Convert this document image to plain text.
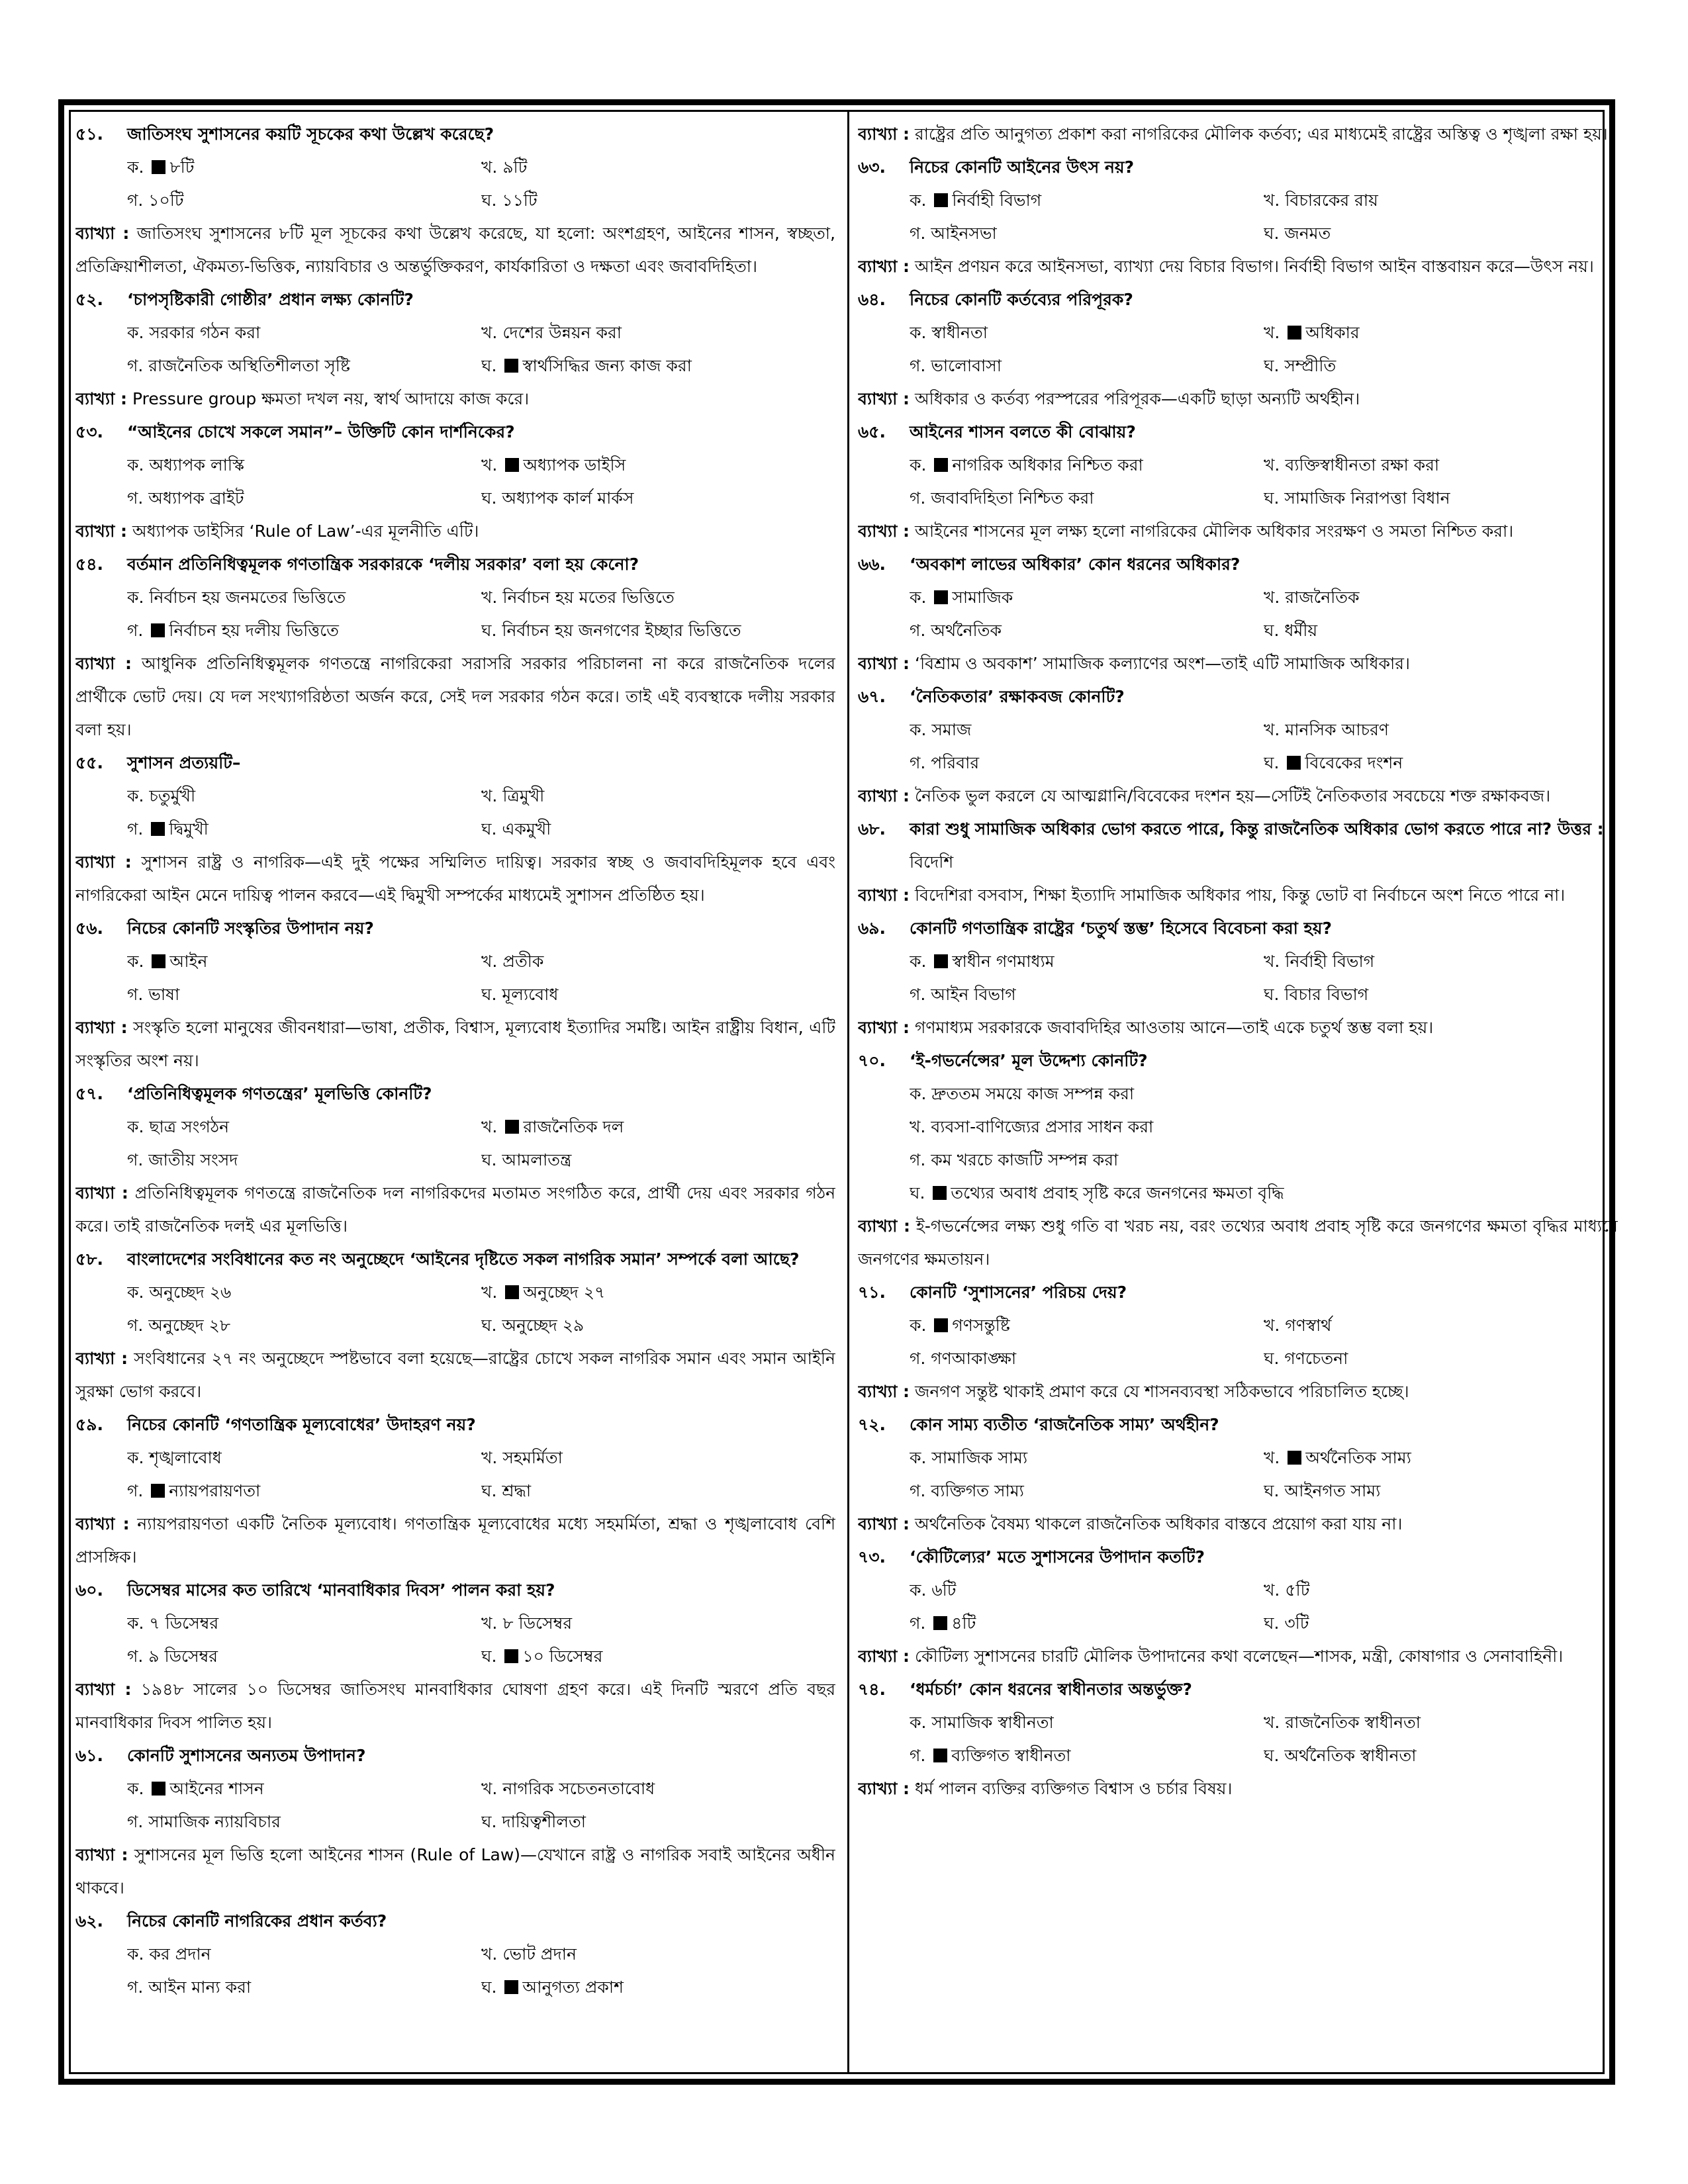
৫১.	জাতিসংঘ সুশাসনের কয়টি সূচকের কথা উল্লেখ করেছে?
ক. ৮টি	খ. ৯টি
গ. ১০টি	ঘ. ১১টি
ব্যাখ্যা : জাতিসংঘ সুশাসনের ৮টি মূল সূচকের কথা উল্লেখ করেছে, যা হলো: অংশগ্রহণ, আইনের শাসন, স্বচ্ছতা, প্রতিক্রিয়াশীলতা, ঐকমত্য-ভিত্তিক, ন্যায়বিচার ও অন্তর্ভুক্তিকরণ, কার্যকারিতা ও দক্ষতা এবং জবাবদিহিতা।
৫২.	‘চাপসৃষ্টিকারী গোষ্ঠীর’ প্রধান লক্ষ্য কোনটি?
ক. সরকার গঠন করা	খ. দেশের উন্নয়ন করা
গ. রাজনৈতিক অস্থিতিশীলতা সৃষ্টি	ঘ. স্বার্থসিদ্ধির জন্য কাজ করা
ব্যাখ্যা : Pressure group ক্ষমতা দখল নয়, স্বার্থ আদায়ে কাজ করে।
৫৩.	“আইনের চোখে সকলে সমান”– উক্তিটি কোন দার্শনিকের?
ক. অধ্যাপক লাস্কি	খ. অধ্যাপক ডাইসি
গ. অধ্যাপক ব্রাইট	ঘ. অধ্যাপক কার্ল মার্কস
ব্যাখ্যা : অধ্যাপক ডাইসির ‘Rule of Law’-এর মূলনীতি এটি।
৫৪.	বর্তমান প্রতিনিধিত্বমূলক গণতান্ত্রিক সরকারকে ‘দলীয় সরকার’ বলা হয় কেনো?
ক. নির্বাচন হয় জনমতের ভিত্তিতে	খ. নির্বাচন হয় মতের ভিত্তিতে
গ. নির্বাচন হয় দলীয় ভিত্তিতে	ঘ. নির্বাচন হয় জনগণের ইচ্ছার ভিত্তিতে
ব্যাখ্যা : আধুনিক প্রতিনিধিত্বমূলক গণতন্ত্রে নাগরিকেরা সরাসরি সরকার পরিচালনা না করে রাজনৈতিক দলের প্রার্থীকে ভোট দেয়। যে দল সংখ্যাগরিষ্ঠতা অর্জন করে, সেই দল সরকার গঠন করে। তাই এই ব্যবস্থাকে দলীয় সরকার বলা হয়।
৫৫.	সুশাসন প্রত্যয়টি–
ক. চতুর্মুখী	খ. ত্রিমুখী
গ. দ্বিমুখী	ঘ. একমুখী
ব্যাখ্যা : সুশাসন রাষ্ট্র ও নাগরিক—এই দুই পক্ষের সম্মিলিত দায়িত্ব। সরকার স্বচ্ছ ও জবাবদিহিমূলক হবে এবং নাগরিকেরা আইন মেনে দায়িত্ব পালন করবে—এই দ্বিমুখী সম্পর্কের মাধ্যমেই সুশাসন প্রতিষ্ঠিত হয়।
৫৬.	নিচের কোনটি সংস্কৃতির উপাদান নয়?
ক. আইন	খ. প্রতীক
গ. ভাষা	ঘ. মূল্যবোধ
ব্যাখ্যা : সংস্কৃতি হলো মানুষের জীবনধারা—ভাষা, প্রতীক, বিশ্বাস, মূল্যবোধ ইত্যাদির সমষ্টি। আইন রাষ্ট্রীয় বিধান, এটি সংস্কৃতির অংশ নয়।
৫৭.	‘প্রতিনিধিত্বমূলক গণতন্ত্রের’ মূলভিত্তি কোনটি?
ক. ছাত্র সংগঠন	খ. রাজনৈতিক দল
গ. জাতীয় সংসদ	ঘ. আমলাতন্ত্র
ব্যাখ্যা : প্রতিনিধিত্বমূলক গণতন্ত্রে রাজনৈতিক দল নাগরিকদের মতামত সংগঠিত করে, প্রার্থী দেয় এবং সরকার গঠন করে। তাই রাজনৈতিক দলই এর মূলভিত্তি।
৫৮.	বাংলাদেশের সংবিধানের কত নং অনুচ্ছেদে ‘আইনের দৃষ্টিতে সকল নাগরিক সমান’ সম্পর্কে বলা আছে?
ক. অনুচ্ছেদ ২৬	খ. অনুচ্ছেদ ২৭
গ. অনুচ্ছেদ ২৮	ঘ. অনুচ্ছেদ ২৯
ব্যাখ্যা : সংবিধানের ২৭ নং অনুচ্ছেদে স্পষ্টভাবে বলা হয়েছে—রাষ্ট্রের চোখে সকল নাগরিক সমান এবং সমান আইনি সুরক্ষা ভোগ করবে।
৫৯.	নিচের কোনটি ‘গণতান্ত্রিক মূল্যবোধের’ উদাহরণ নয়?
ক. শৃঙ্খলাবোধ	খ. সহমর্মিতা
গ. ন্যায়পরায়ণতা	ঘ. শ্রদ্ধা
ব্যাখ্যা : ন্যায়পরায়ণতা একটি নৈতিক মূল্যবোধ। গণতান্ত্রিক মূল্যবোধের মধ্যে সহমর্মিতা, শ্রদ্ধা ও শৃঙ্খলাবোধ বেশি প্রাসঙ্গিক।
৬০.	ডিসেম্বর মাসের কত তারিখে ‘মানবাধিকার দিবস’ পালন করা হয়?
ক. ৭ ডিসেম্বর	খ. ৮ ডিসেম্বর
গ. ৯ ডিসেম্বর	ঘ. ১০ ডিসেম্বর
ব্যাখ্যা : ১৯৪৮ সালের ১০ ডিসেম্বর জাতিসংঘ মানবাধিকার ঘোষণা গ্রহণ করে। এই দিনটি স্মরণে প্রতি বছর মানবাধিকার দিবস পালিত হয়।
৬১.	কোনটি সুশাসনের অন্যতম উপাদান?
ক. আইনের শাসন	খ. নাগরিক সচেতনতাবোধ
গ. সামাজিক ন্যায়বিচার	ঘ. দায়িত্বশীলতা
ব্যাখ্যা : সুশাসনের মূল ভিত্তি হলো আইনের শাসন (Rule of Law)—যেখানে রাষ্ট্র ও নাগরিক সবাই আইনের অধীন থাকবে।
৬২.	নিচের কোনটি নাগরিকের প্রধান কর্তব্য?
ক. কর প্রদান	খ. ভোট প্রদান
গ. আইন মান্য করা	ঘ. আনুগত্য প্রকাশ
ব্যাখ্যা : রাষ্ট্রের প্রতি আনুগত্য প্রকাশ করা নাগরিকের মৌলিক কর্তব্য; এর মাধ্যমেই রাষ্ট্রের অস্তিত্ব ও শৃঙ্খলা রক্ষা হয়।
৬৩.	নিচের কোনটি আইনের উৎস নয়?
ক. নির্বাহী বিভাগ	খ. বিচারকের রায়
গ. আইনসভা	ঘ. জনমত
ব্যাখ্যা : আইন প্রণয়ন করে আইনসভা, ব্যাখ্যা দেয় বিচার বিভাগ। নির্বাহী বিভাগ আইন বাস্তবায়ন করে—উৎস নয়।
৬৪.	নিচের কোনটি কর্তব্যের পরিপূরক?
ক. স্বাধীনতা	খ. অধিকার
গ. ভালোবাসা	ঘ. সম্প্রীতি
ব্যাখ্যা : অধিকার ও কর্তব্য পরস্পরের পরিপূরক—একটি ছাড়া অন্যটি অর্থহীন।
৬৫.	আইনের শাসন বলতে কী বোঝায়?
ক. নাগরিক অধিকার নিশ্চিত করা	খ. ব্যক্তিস্বাধীনতা রক্ষা করা
গ. জবাবদিহিতা নিশ্চিত করা	ঘ. সামাজিক নিরাপত্তা বিধান
ব্যাখ্যা : আইনের শাসনের মূল লক্ষ্য হলো নাগরিকের মৌলিক অধিকার সংরক্ষণ ও সমতা নিশ্চিত করা।
৬৬.	‘অবকাশ লাভের অধিকার’ কোন ধরনের অধিকার?
ক. সামাজিক	খ. রাজনৈতিক
গ. অর্থনৈতিক	ঘ. ধর্মীয়
ব্যাখ্যা : ‘বিশ্রাম ও অবকাশ’ সামাজিক কল্যাণের অংশ—তাই এটি সামাজিক অধিকার।
৬৭.	‘নৈতিকতার’ রক্ষাকবজ কোনটি?
ক. সমাজ	খ. মানসিক আচরণ
গ. পরিবার	ঘ. বিবেকের দংশন
ব্যাখ্যা : নৈতিক ভুল করলে যে আত্মগ্লানি/বিবেকের দংশন হয়—সেটিই নৈতিকতার সবচেয়ে শক্ত রক্ষাকবজ।
৬৮.	কারা শুধু সামাজিক অধিকার ভোগ করতে পারে, কিন্তু রাজনৈতিক অধিকার ভোগ করতে পারে না? উত্তর : বিদেশি
ব্যাখ্যা : বিদেশিরা বসবাস, শিক্ষা ইত্যাদি সামাজিক অধিকার পায়, কিন্তু ভোট বা নির্বাচনে অংশ নিতে পারে না।
৬৯.	কোনটি গণতান্ত্রিক রাষ্ট্রের ‘চতুর্থ স্তম্ভ’ হিসেবে বিবেচনা করা হয়?
ক. স্বাধীন গণমাধ্যম	খ. নির্বাহী বিভাগ
গ. আইন বিভাগ	ঘ. বিচার বিভাগ
ব্যাখ্যা : গণমাধ্যম সরকারকে জবাবদিহির আওতায় আনে—তাই একে চতুর্থ স্তম্ভ বলা হয়।
৭০.	‘ই-গভর্নেন্সের’ মূল উদ্দেশ্য কোনটি?
ক. দ্রুততম সময়ে কাজ সম্পন্ন করা
খ. ব্যবসা-বাণিজ্যের প্রসার সাধন করা
গ. কম খরচে কাজটি সম্পন্ন করা
ঘ. তথ্যের অবাধ প্রবাহ সৃষ্টি করে জনগনের ক্ষমতা বৃদ্ধি
ব্যাখ্যা : ই-গভর্নেন্সের লক্ষ্য শুধু গতি বা খরচ নয়, বরং তথ্যের অবাধ প্রবাহ সৃষ্টি করে জনগণের ক্ষমতা বৃদ্ধির মাধ্যমে জনগণের ক্ষমতায়ন।
৭১.	কোনটি ‘সুশাসনের’ পরিচয় দেয়?
ক. গণসন্তুষ্টি	খ. গণস্বার্থ
গ. গণআকাঙ্ক্ষা	ঘ. গণচেতনা
ব্যাখ্যা : জনগণ সন্তুষ্ট থাকাই প্রমাণ করে যে শাসনব্যবস্থা সঠিকভাবে পরিচালিত হচ্ছে।
৭২.	কোন সাম্য ব্যতীত ‘রাজনৈতিক সাম্য’ অর্থহীন?
ক. সামাজিক সাম্য	খ. অর্থনৈতিক সাম্য
গ. ব্যক্তিগত সাম্য	ঘ. আইনগত সাম্য
ব্যাখ্যা : অর্থনৈতিক বৈষম্য থাকলে রাজনৈতিক অধিকার বাস্তবে প্রয়োগ করা যায় না।
৭৩.	‘কৌটিল্যের’ মতে সুশাসনের উপাদান কতটি?
ক. ৬টি	খ. ৫টি
গ. ৪টি	ঘ. ৩টি
ব্যাখ্যা : কৌটিল্য সুশাসনের চারটি মৌলিক উপাদানের কথা বলেছেন—শাসক, মন্ত্রী, কোষাগার ও সেনাবাহিনী।
৭৪.	‘ধর্মচর্চা’ কোন ধরনের স্বাধীনতার অন্তর্ভুক্ত?
ক. সামাজিক স্বাধীনতা	খ. রাজনৈতিক স্বাধীনতা
গ. ব্যক্তিগত স্বাধীনতা	ঘ. অর্থনৈতিক স্বাধীনতা
ব্যাখ্যা : ধর্ম পালন ব্যক্তির ব্যক্তিগত বিশ্বাস ও চর্চার বিষয়।
